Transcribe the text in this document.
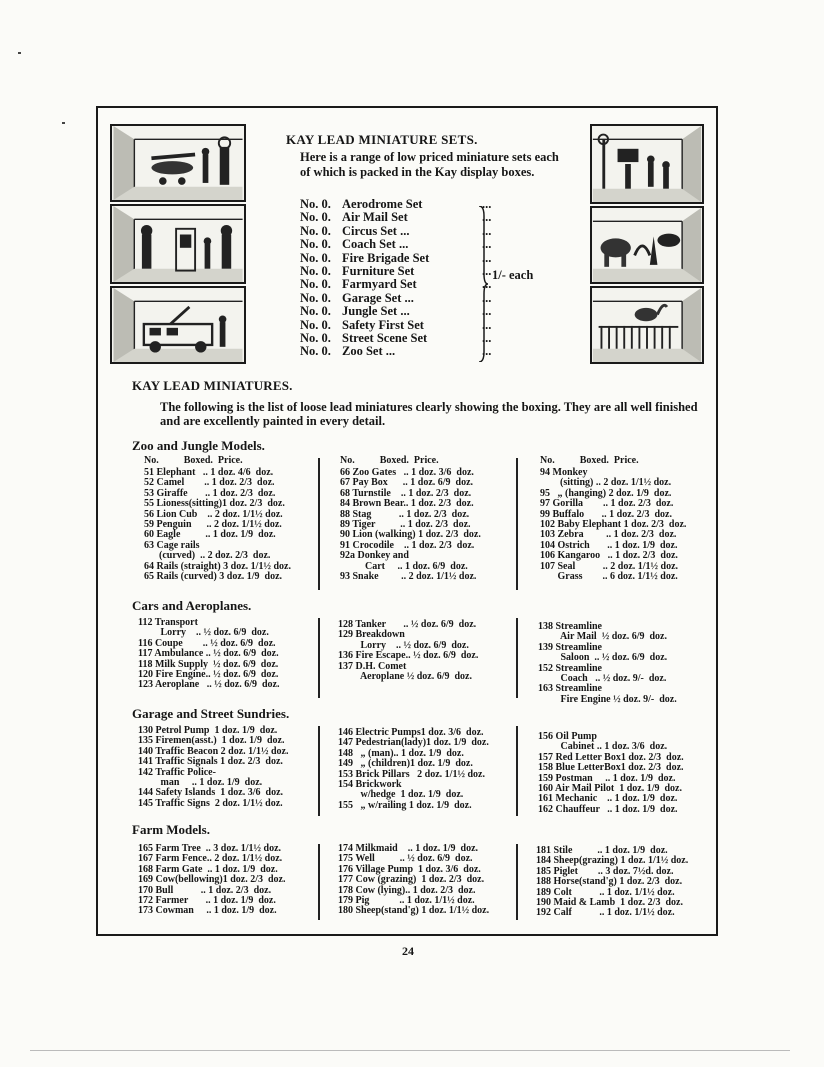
KAY LEAD MINIATURE SETS.

Here is a range of low priced miniature sets each of which is packed in the Kay display boxes.

No. 0. Aerodrome Set	...
No. 0. Air Mail Set	...
No. 0. Circus Set ...	...
No. 0. Coach Set ...	...
No. 0. Fire Brigade Set	...
No. 0. Furniture Set	...
No. 0. Farmyard Set	...
No. 0. Garage Set ...	...
No. 0. Jungle Set ...	...
No. 0. Safety First Set	...
No. 0. Street Scene Set	...
No. 0. Zoo Set ...	...
1/- each
KAY LEAD MINIATURES.

The following is the list of loose lead miniatures clearly showing the boxing. They are all well finished and are excellently painted in every detail.

Zoo and Jungle Models.
No.          Boxed.  Price.	No.          Boxed.  Price.	No.          Boxed.  Price.
51 Elephant   .. 1 doz. 4/6  doz.
52 Camel        .. 1 doz. 2/3  doz.
53 Giraffe       .. 1 doz. 2/3  doz.
55 Lioness(sitting)1 doz. 2/3  doz.
56 Lion Cub    .. 2 doz. 1/1½ doz.
59 Penguin      .. 2 doz. 1/1½ doz.
60 Eagle          .. 1 doz. 1/9  doz.
63 Cage rails
(curved)  .. 2 doz. 2/3  doz.
64 Rails (straight) 3 doz. 1/1½ doz.
65 Rails (curved) 3 doz. 1/9  doz.
66 Zoo Gates   .. 1 doz. 3/6  doz.
67 Pay Box      .. 1 doz. 6/9  doz.
68 Turnstile    .. 1 doz. 2/3  doz.
84 Brown Bear.. 1 doz. 2/3  doz.
88 Stag           .. 1 doz. 2/3  doz.
89 Tiger          .. 1 doz. 2/3  doz.
90 Lion (walking) 1 doz. 2/3  doz.
91 Crocodile    .. 1 doz. 2/3  doz.
92a Donkey and
Cart     .. 1 doz. 6/9  doz.
93 Snake         .. 2 doz. 1/1½ doz.
94 Monkey
(sitting) .. 2 doz. 1/1½ doz.
95   „ (hanging) 2 doz. 1/9  doz.
97 Gorilla        .. 1 doz. 2/3  doz.
99 Buffalo       .. 1 doz. 2/3  doz.
102 Baby Elephant 1 doz. 2/3  doz.
103 Zebra         .. 1 doz. 2/3  doz.
104 Ostrich       .. 1 doz. 1/9  doz.
106 Kangaroo   .. 1 doz. 2/3  doz.
107 Seal           .. 2 doz. 1/1½ doz.
Grass        .. 6 doz. 1/1½ doz.
Cars and Aeroplanes.
112 Transport
Lorry    .. ½ doz. 6/9  doz.
116 Coupe        .. ½ doz. 6/9  doz.
117 Ambulance .. ½ doz. 6/9  doz.
118 Milk Supply  ½ doz. 6/9  doz.
120 Fire Engine.. ½ doz. 6/9  doz.
123 Aeroplane   .. ½ doz. 6/9  doz.
128 Tanker       .. ½ doz. 6/9  doz.
129 Breakdown
Lorry    .. ½ doz. 6/9  doz.
136 Fire Escape.. ½ doz. 6/9  doz.
137 D.H. Comet
Aeroplane ½ doz. 6/9  doz.
138 Streamline
Air Mail  ½ doz. 6/9  doz.
139 Streamline
Saloon  .. ½ doz. 6/9  doz.
152 Streamline
Coach   .. ½ doz. 9/-  doz.
163 Streamline
Fire Engine ½ doz. 9/-  doz.
Garage and Street Sundries.
130 Petrol Pump  1 doz. 1/9  doz.
135 Firemen(asst.)  1 doz. 1/9  doz.
140 Traffic Beacon 2 doz. 1/1½ doz.
141 Traffic Signals 1 doz. 2/3  doz.
142 Traffic Police-
man     .. 1 doz. 1/9  doz.
144 Safety Islands  1 doz. 3/6  doz.
145 Traffic Signs  2 doz. 1/1½ doz.
146 Electric Pumps1 doz. 3/6  doz.
147 Pedestrian(lady)1 doz. 1/9  doz.
148   „ (man).. 1 doz. 1/9  doz.
149   „ (children)1 doz. 1/9  doz.
153 Brick Pillars   2 doz. 1/1½ doz.
154 Brickwork
w/hedge  1 doz. 1/9  doz.
155   „ w/railing 1 doz. 1/9  doz.
156 Oil Pump
Cabinet .. 1 doz. 3/6  doz.
157 Red Letter Box1 doz. 2/3  doz.
158 Blue LetterBox1 doz. 2/3  doz.
159 Postman     .. 1 doz. 1/9  doz.
160 Air Mail Pilot  1 doz. 1/9  doz.
161 Mechanic    .. 1 doz. 1/9  doz.
162 Chauffeur   .. 1 doz. 1/9  doz.
Farm Models.
165 Farm Tree  .. 3 doz. 1/1½ doz.
167 Farm Fence.. 2 doz. 1/1½ doz.
168 Farm Gate  .. 1 doz. 1/9  doz.
169 Cow(bellowing)1 doz. 2/3  doz.
170 Bull           .. 1 doz. 2/3  doz.
172 Farmer       .. 1 doz. 1/9  doz.
173 Cowman     .. 1 doz. 1/9  doz.
174 Milkmaid    .. 1 doz. 1/9  doz.
175 Well          .. ½ doz. 6/9  doz.
176 Village Pump  1 doz. 3/6  doz.
177 Cow (grazing)  1 doz. 2/3  doz.
178 Cow (lying).. 1 doz. 2/3  doz.
179 Pig            .. 1 doz. 1/1½ doz.
180 Sheep(stand'g) 1 doz. 1/1½ doz.
181 Stile          .. 1 doz. 1/9  doz.
184 Sheep(grazing) 1 doz. 1/1½ doz.
185 Piglet        .. 3 doz. 7½d. doz.
188 Horse(stand'g) 1 doz. 2/3  doz.
189 Colt           .. 1 doz. 1/1½ doz.
190 Maid & Lamb  1 doz. 2/3  doz.
192 Calf           .. 1 doz. 1/1½ doz.
24
